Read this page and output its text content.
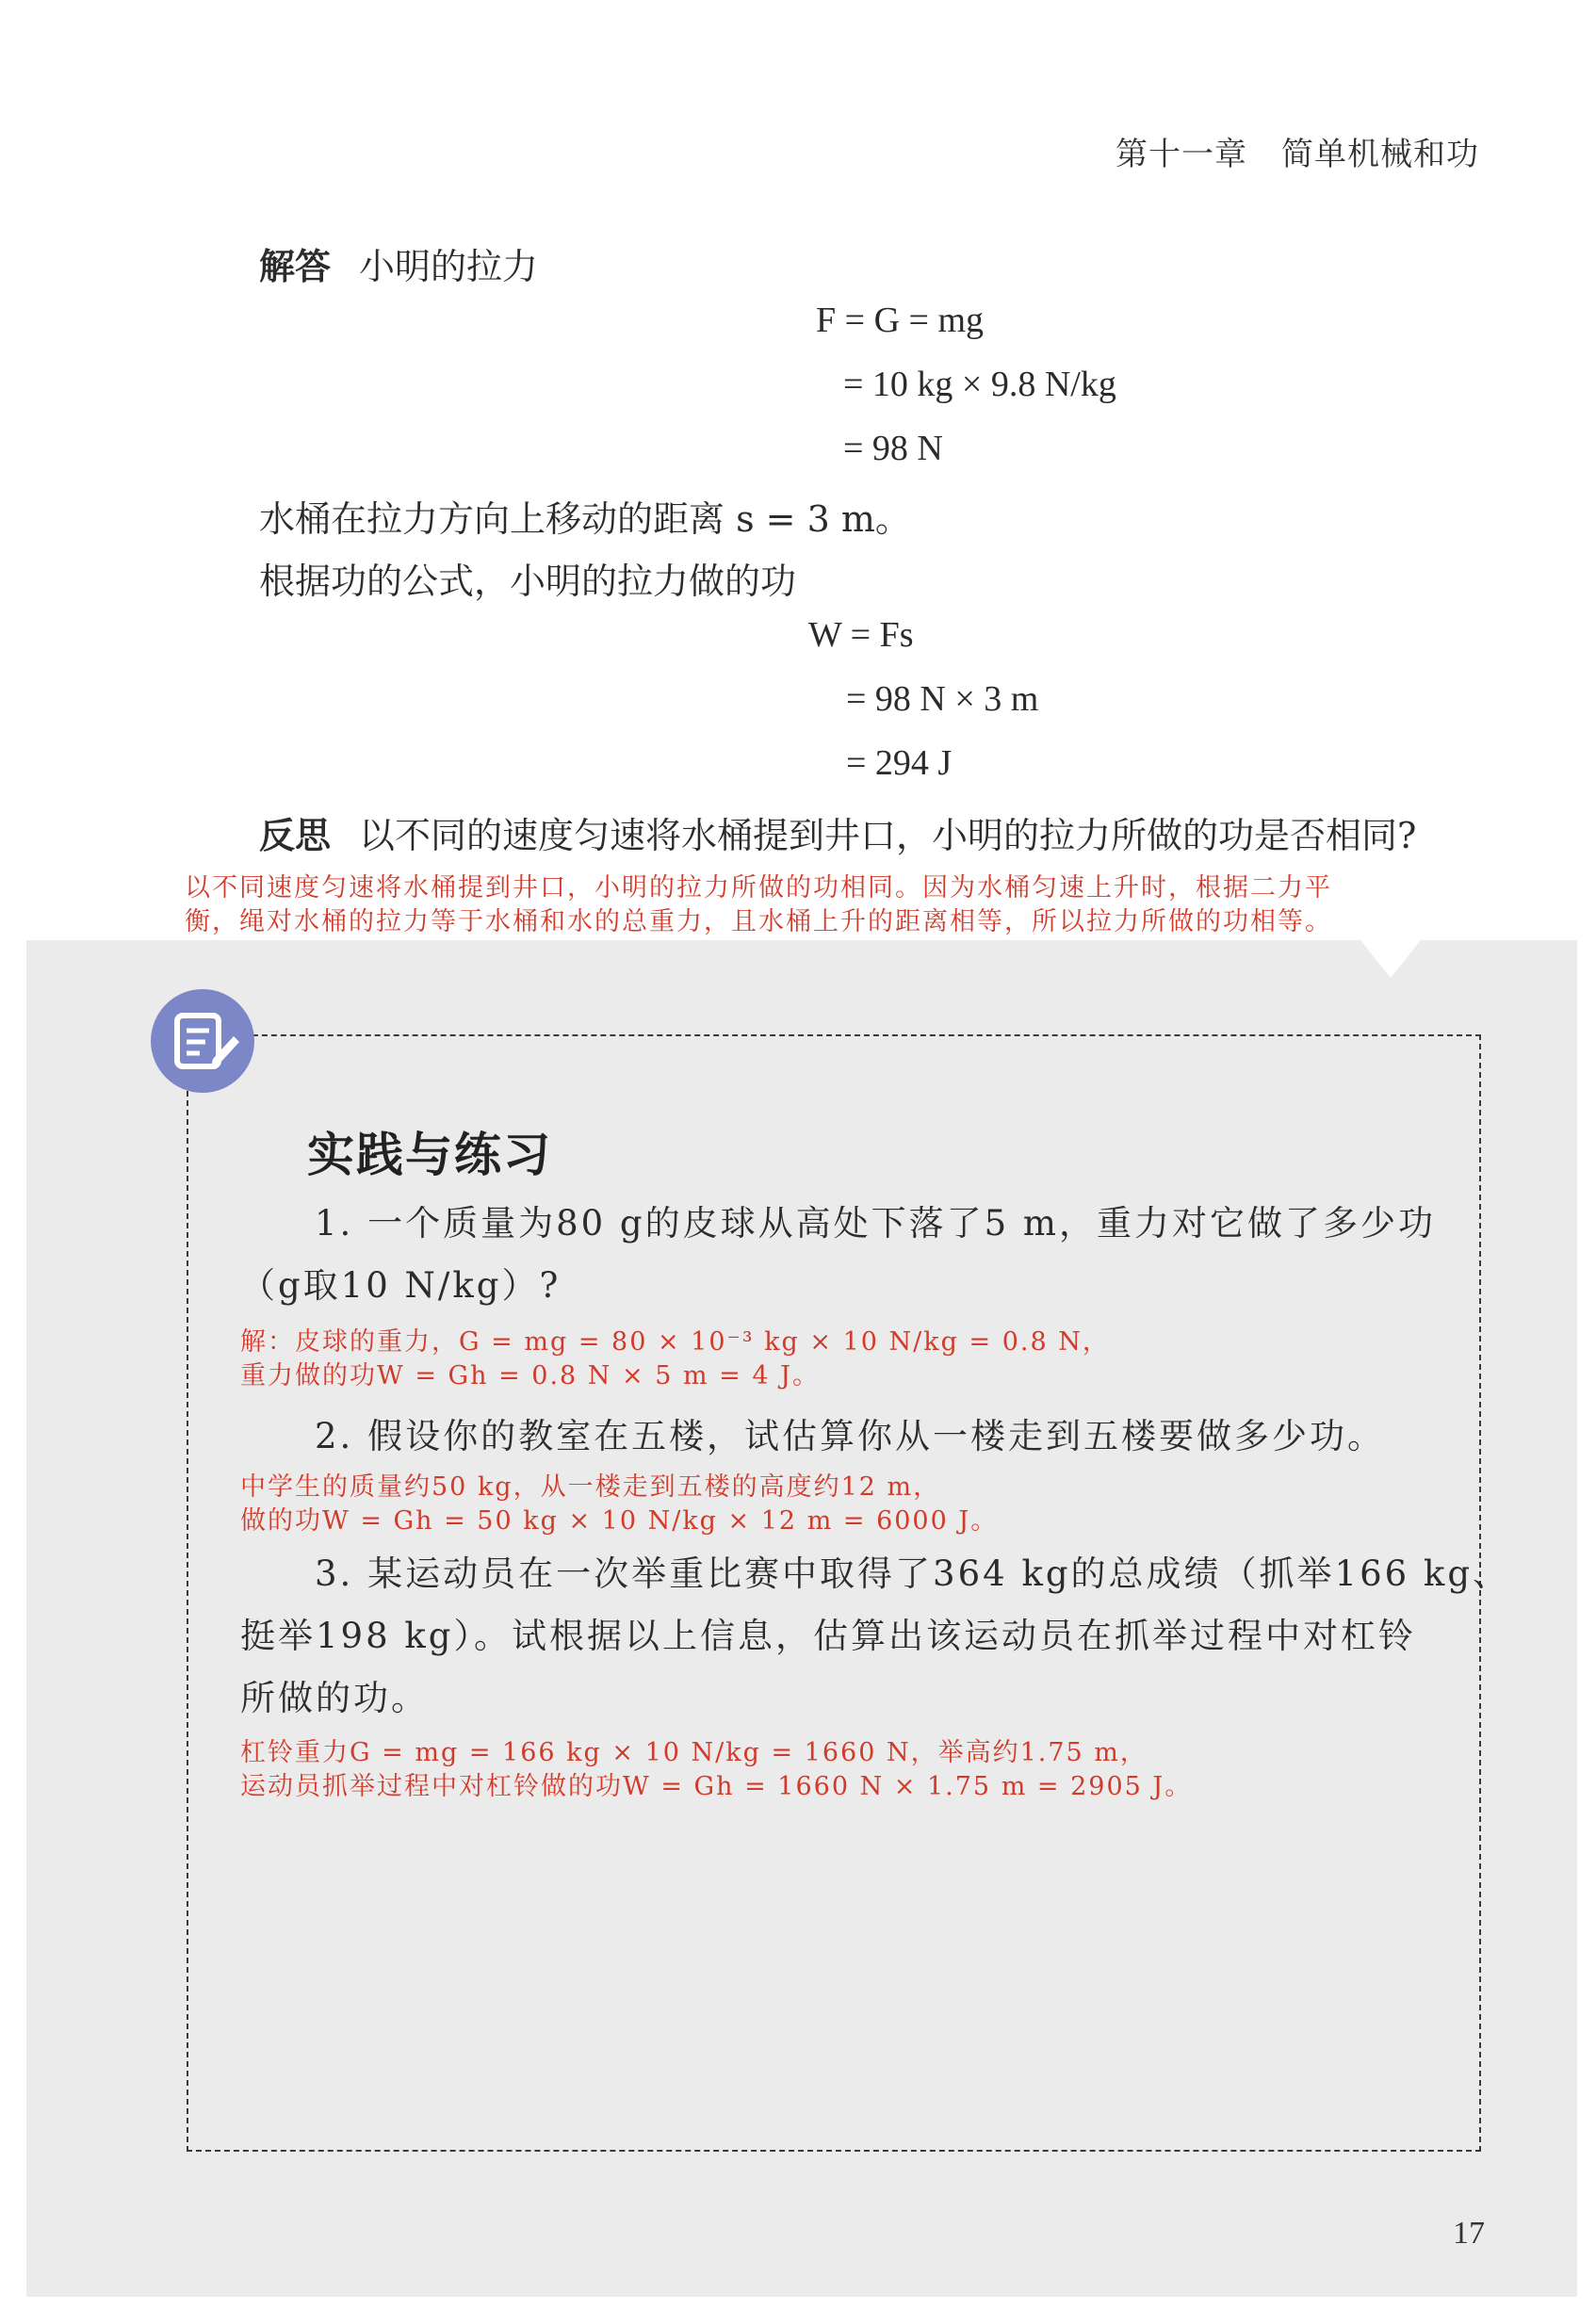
第十一章 简单机械和功
解答 小明的拉力
F = G = mg
= 10 kg × 9.8 N/kg
= 98 N
水桶在拉力方向上移动的距离 s = 3 m。
根据功的公式，小明的拉力做的功
W = Fs
= 98 N × 3 m
= 294 J
反思 以不同的速度匀速将水桶提到井口，小明的拉力所做的功是否相同?
以不同速度匀速将水桶提到井口，小明的拉力所做的功相同。因为水桶匀速上升时，根据二力平
衡，绳对水桶的拉力等于水桶和水的总重力，且水桶上升的距离相等，所以拉力所做的功相等。
实践与练习
1. 一个质量为80 g的皮球从高处下落了5 m，重力对它做了多少功
（g取10 N/kg）?
解：皮球的重力，G = mg = 80 × 10⁻³ kg × 10 N/kg = 0.8 N，
重力做的功W = Gh = 0.8 N × 5 m = 4 J。
2. 假设你的教室在五楼，试估算你从一楼走到五楼要做多少功。
中学生的质量约50 kg，从一楼走到五楼的高度约12 m，
做的功W = Gh = 50 kg × 10 N/kg × 12 m = 6000 J。
3. 某运动员在一次举重比赛中取得了364 kg的总成绩（抓举166 kg、
挺举198 kg）。试根据以上信息，估算出该运动员在抓举过程中对杠铃
所做的功。
杠铃重力G = mg = 166 kg × 10 N/kg = 1660 N，举高约1.75 m，
运动员抓举过程中对杠铃做的功W = Gh = 1660 N × 1.75 m = 2905 J。
17
